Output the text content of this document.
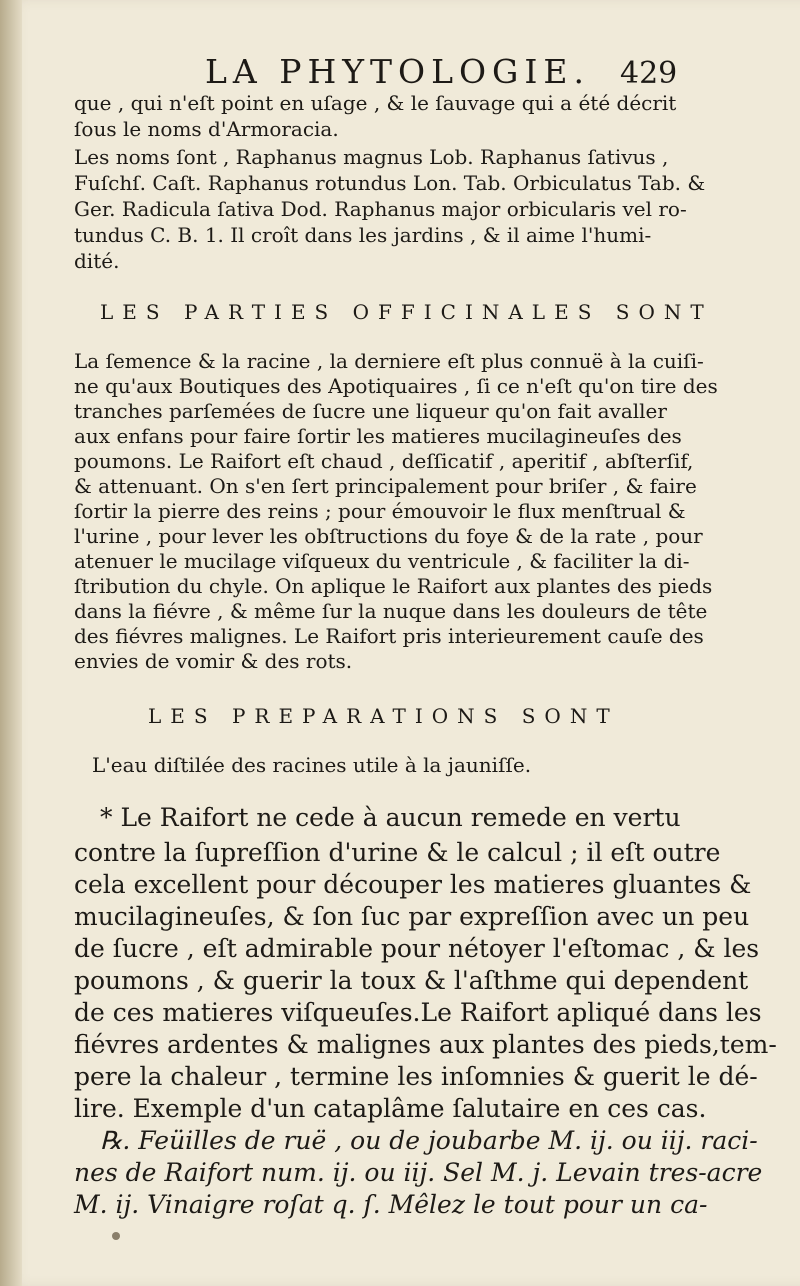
LA PHYTOLOGIE. 429
que , qui n'eſt point en uſage , & le ſauvage qui a été décrit
ſous le noms d'Armoracia.
Les noms ſont , Raphanus magnus Lob. Raphanus ſativus ,
Fuſchſ. Caſt. Raphanus rotundus Lon. Tab. Orbiculatus Tab. &
Ger. Radicula ſativa Dod. Raphanus major orbicularis vel ro-
tundus C. B. 1. Il croît dans les jardins , & il aime l'humi-
dité.
LES PARTIES OFFICINALES SONT
La ſemence & la racine , la derniere eſt plus connuë à la cuiſi-
ne qu'aux Boutiques des Apotiquaires , ſi ce n'eſt qu'on tire des
tranches parſemées de ſucre une liqueur qu'on fait avaller
aux enfans pour faire ſortir les matieres mucilagineuſes des
poumons. Le Raifort eſt chaud , deſſicatif , aperitif , abſterſif,
& attenuant. On s'en ſert principalement pour briſer , & faire
ſortir la pierre des reins ; pour émouvoir le flux menſtrual &
l'urine , pour lever les obſtructions du foye & de la rate , pour
atenuer le mucilage viſqueux du ventricule , & faciliter la di-
ſtribution du chyle. On aplique le Raifort aux plantes des pieds
dans la fiévre , & même ſur la nuque dans les douleurs de tête
des fiévres malignes. Le Raifort pris interieurement cauſe des
envies de vomir & des rots.
LES PREPARATIONS SONT
L'eau diſtilée des racines utile à la jauniſſe.
* Le Raifort ne cede à aucun remede en vertu
contre la ſupreſſion d'urine & le calcul ; il eſt outre
cela excellent pour découper les matieres gluantes &
mucilagineuſes, & ſon ſuc par expreſſion avec un peu
de ſucre , eſt admirable pour nétoyer l'eſtomac , & les
poumons , & guerir la toux & l'aſthme qui dependent
de ces matieres viſqueuſes.Le Raifort apliqué dans les
fiévres ardentes & malignes aux plantes des pieds,tem-
pere la chaleur , termine les inſomnies & guerit le dé-
lire. Exemple d'un cataplâme ſalutaire en ces cas.
℞. Feüilles de ruë , ou de joubarbe M. ij. ou iij. raci-
nes de Raifort num. ij. ou iij. Sel M. j. Levain tres-acre
M. ij. Vinaigre roſat q. ſ. Mêlez le tout pour un ca-
